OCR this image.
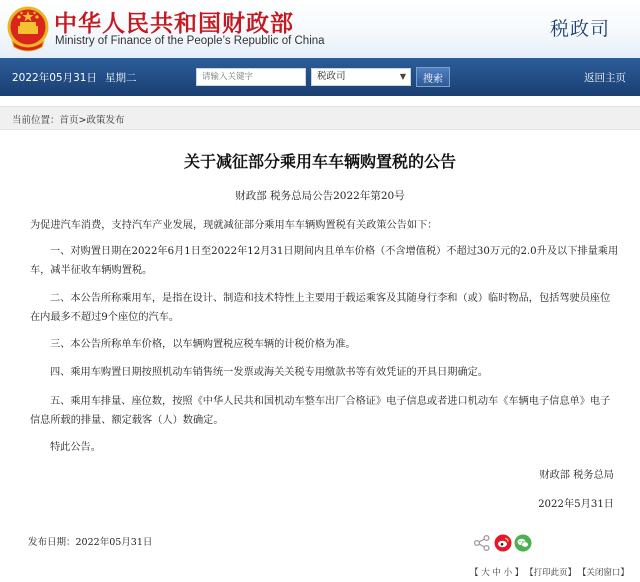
中华人民共和国财政部
Ministry of Finance of the People’s Republic of China
税政司
2022年05月31日 星期二
请输入关键字	税政司	▼	搜索	返回主页
当前位置：首页>政策发布
关于减征部分乘用车车辆购置税的公告
财政部 税务总局公告2022年第20号
为促进汽车消费，支持汽车产业发展，现就减征部分乘用车车辆购置税有关政策公告如下：
一、对购置日期在2022年6月1日至2022年12月31日期间内且单车价格（不含增值税）不超过30万元的2.0升及以下排量乘用车，减半征收车辆购置税。
二、本公告所称乘用车，是指在设计、制造和技术特性上主要用于载运乘客及其随身行李和（或）临时物品，包括驾驶员座位在内最多不超过9个座位的汽车。
三、本公告所称单车价格，以车辆购置税应税车辆的计税价格为准。
四、乘用车购置日期按照机动车销售统一发票或海关关税专用缴款书等有效凭证的开具日期确定。
五、乘用车排量、座位数，按照《中华人民共和国机动车整车出厂合格证》电子信息或者进口机动车《车辆电子信息单》电子信息所载的排量、额定载客（人）数确定。
特此公告。
财政部 税务总局
2022年5月31日
发布日期：2022年05月31日
【 大 中 小 】 【打印此页】 【关闭窗口】
